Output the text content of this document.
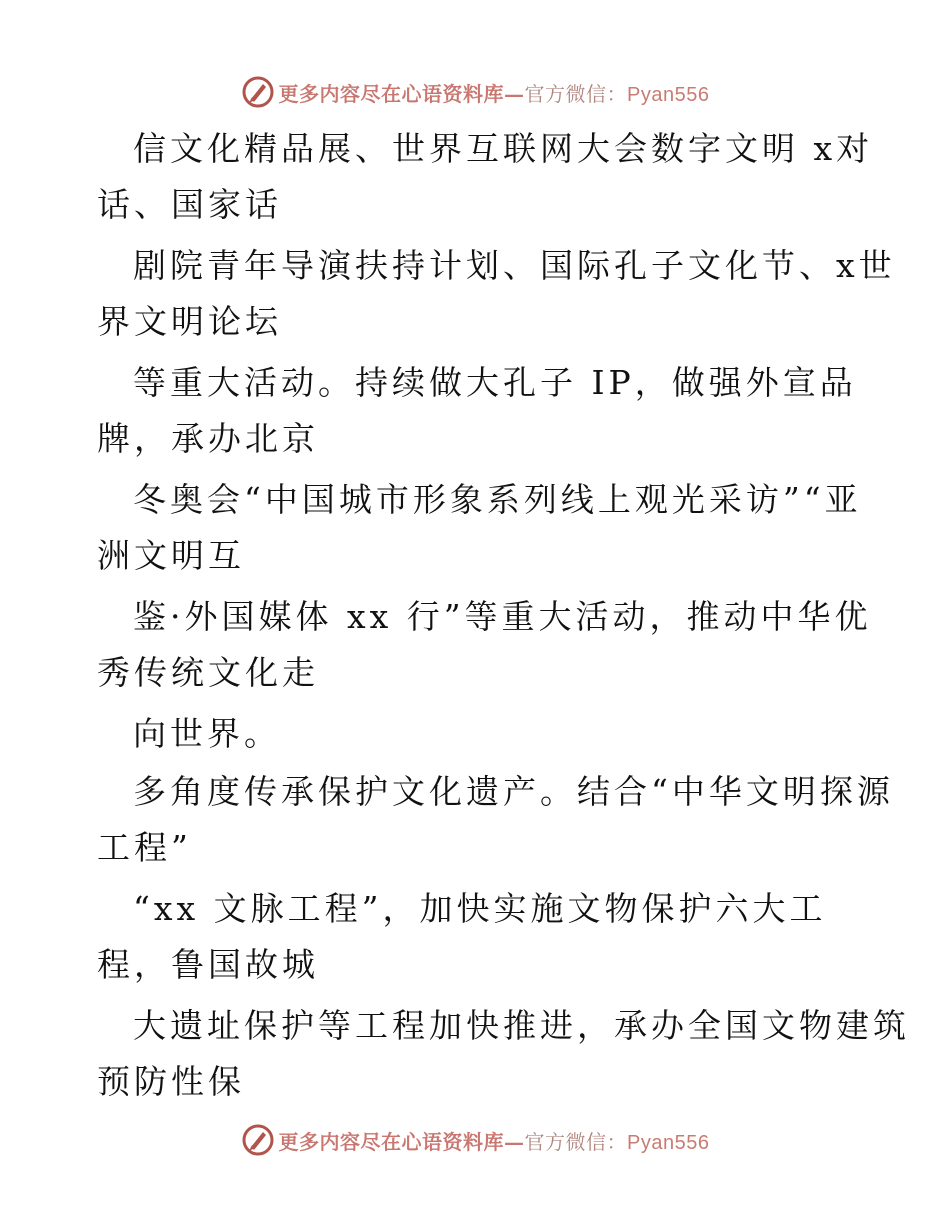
更多内容尽在心语资料库—官方微信：Pyan556
信文化精品展、世界互联网大会数字文明 x对
话、国家话
剧院青年导演扶持计划、国际孔子文化节、x世
界文明论坛
等重大活动。持续做大孔子 IP，做强外宣品
牌，承办北京
冬奥会“中国城市形象系列线上观光采访”“亚
洲文明互
鉴·外国媒体 xx 行”等重大活动，推动中华优
秀传统文化走
向世界。
多角度传承保护文化遗产。结合“中华文明探源
工程”
“xx 文脉工程”，加快实施文物保护六大工
程，鲁国故城
大遗址保护等工程加快推进，承办全国文物建筑
预防性保
更多内容尽在心语资料库—官方微信：Pyan556
